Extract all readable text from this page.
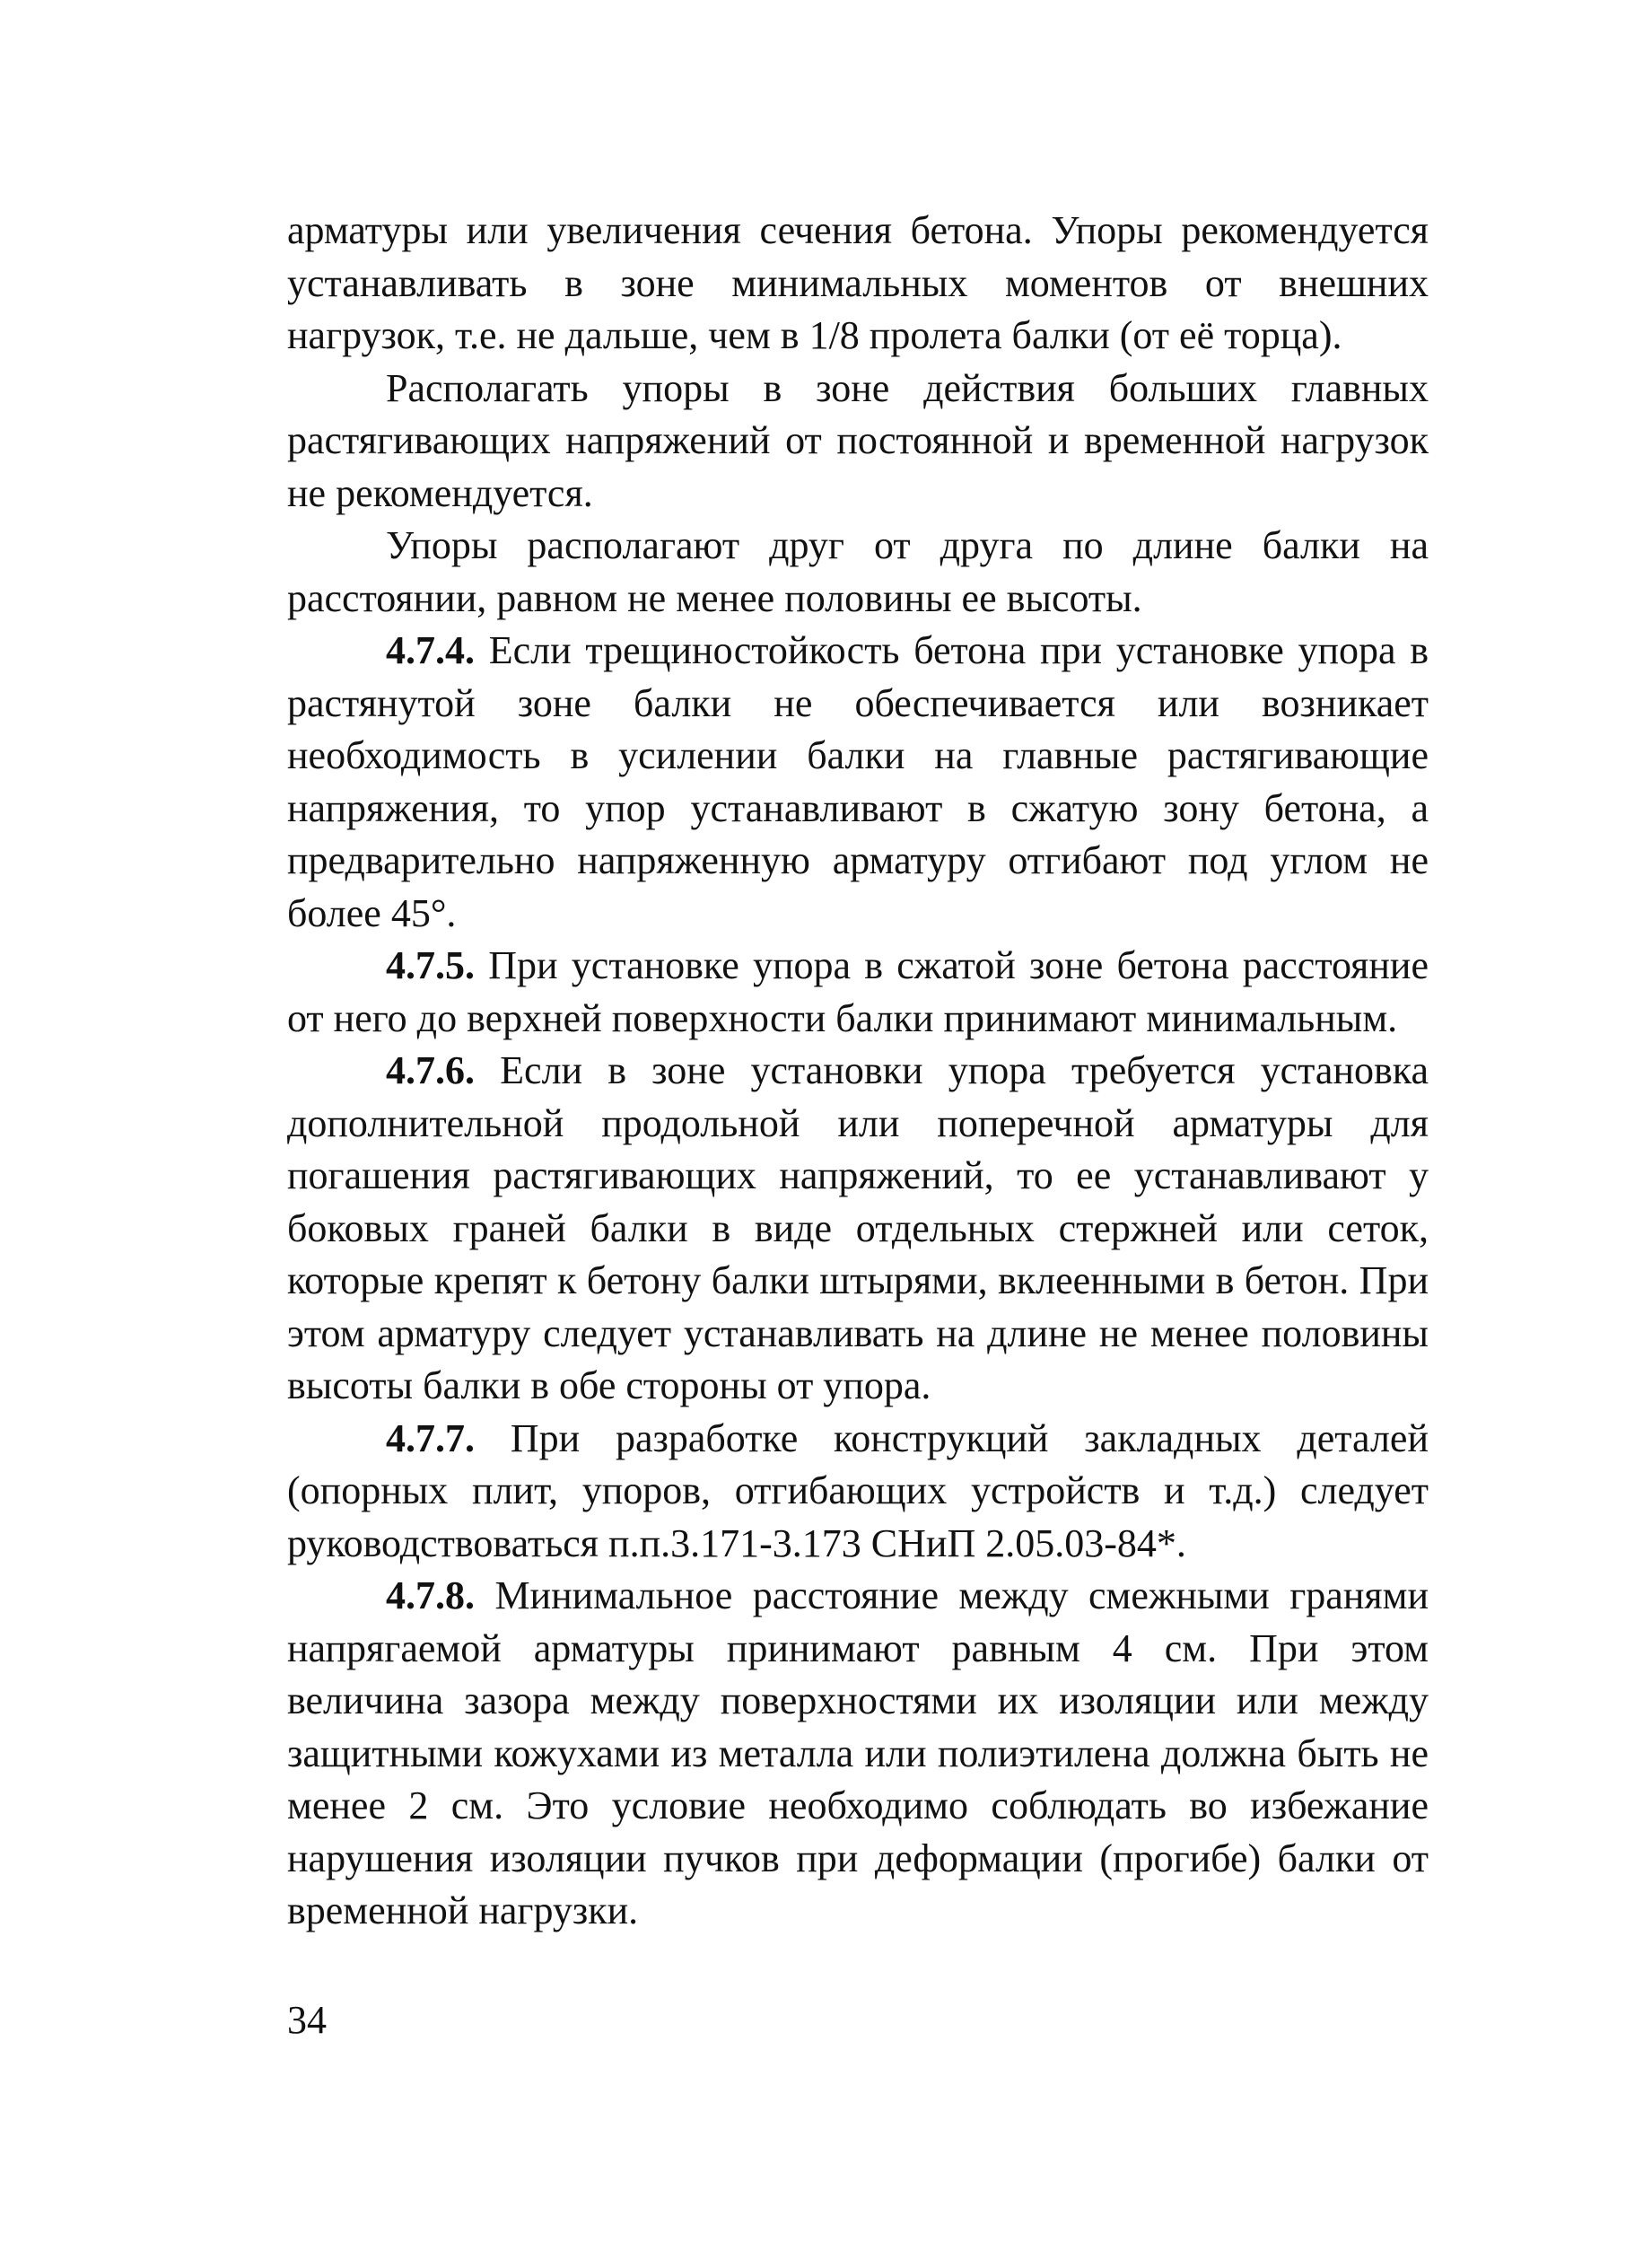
арматуры или увеличения сечения бетона. Упоры рекомендуется устанавливать в зоне минимальных моментов от внешних нагрузок, т.е. не дальше, чем в 1/8 пролета балки (от её торца).

Располагать упоры в зоне действия больших главных растягивающих напряжений от постоянной и временной нагрузок не рекомендуется.

Упоры располагают друг от друга по длине балки на расстоянии, равном не менее половины ее высоты.

4.7.4. Если трещиностойкость бетона при установке упора в растянутой зоне балки не обеспечивается или возникает необходимость в усилении балки на главные растягивающие напряжения, то упор устанавливают в сжатую зону бетона, а предварительно напряженную арматуру отгибают под углом не более 45°.

4.7.5. При установке упора в сжатой зоне бетона расстояние от него до верхней поверхности балки принимают минимальным.

4.7.6. Если в зоне установки упора требуется установка дополнительной продольной или поперечной арматуры для погашения растягивающих напряжений, то ее устанавливают у боковых граней балки в виде отдельных стержней или сеток, которые крепят к бетону балки штырями, вклеенными в бетон. При этом арматуру следует устанавливать на длине не менее половины высоты балки в обе стороны от упора.

4.7.7. При разработке конструкций закладных деталей (опорных плит, упоров, отгибающих устройств и т.д.) следует руководствоваться п.п.3.171-3.173 СНиП 2.05.03-84*.

4.7.8. Минимальное расстояние между смежными гранями напрягаемой арматуры принимают равным 4 см. При этом величина зазора между поверхностями их изоляции или между защитными кожухами из металла или полиэтилена должна быть не менее 2 см. Это условие необходимо соблюдать во избежание нарушения изоляции пучков при деформации (прогибе) балки от временной нагрузки.

34
